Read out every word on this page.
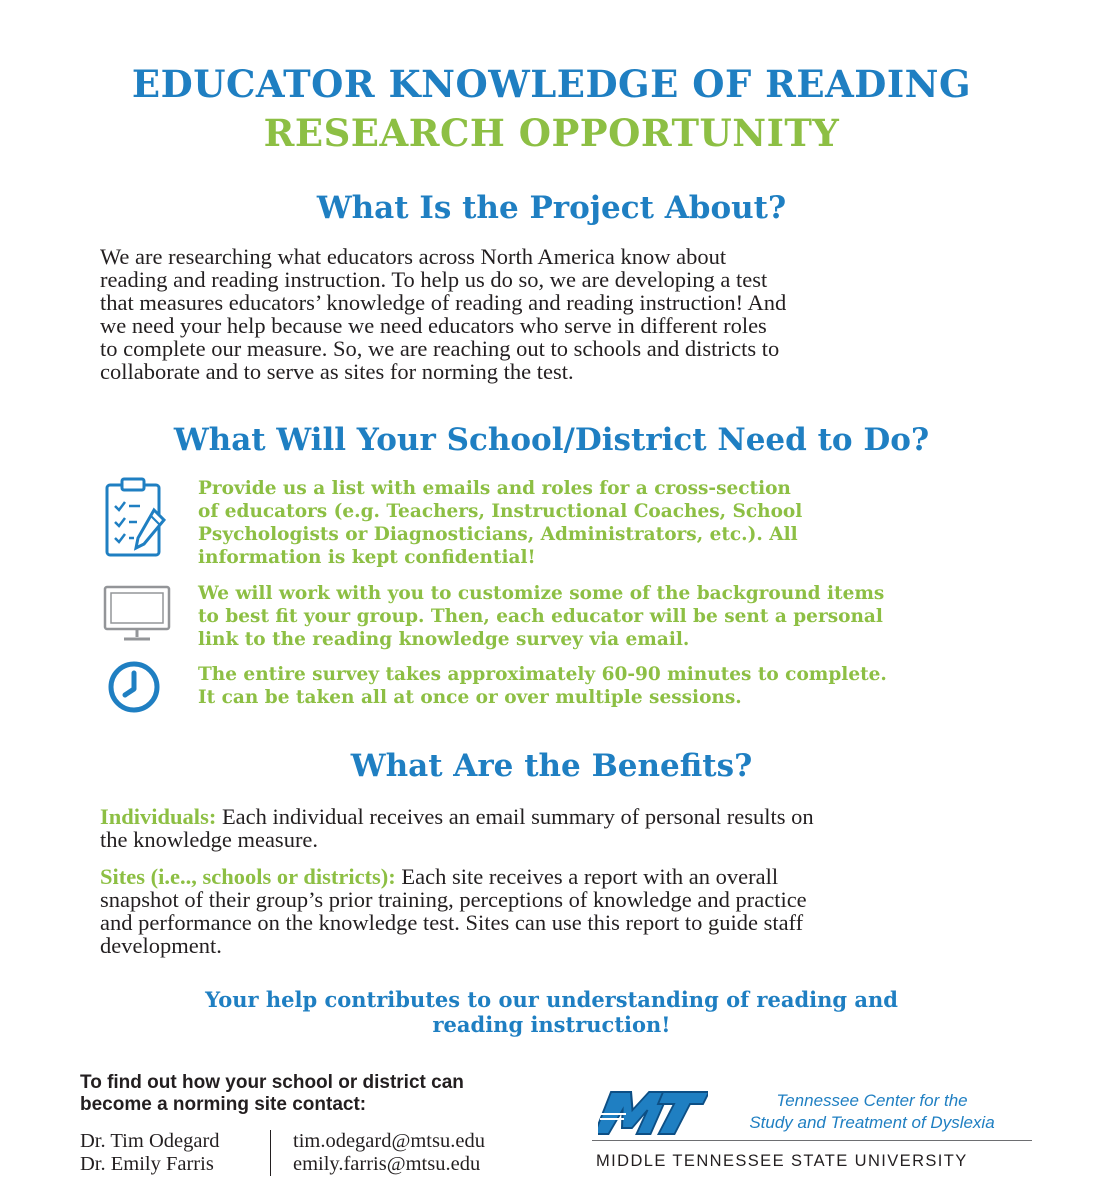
EDUCATOR KNOWLEDGE OF READING
RESEARCH OPPORTUNITY
What Is the Project About?
We are researching what educators across North America know about
reading and reading instruction. To help us do so, we are developing a test
that measures educators’ knowledge of reading and reading instruction! And
we need your help because we need educators who serve in different roles
to complete our measure. So, we are reaching out to schools and districts to
collaborate and to serve as sites for norming the test.
What Will Your School/District Need to Do?
Provide us a list with emails and roles for a cross-section
of educators (e.g. Teachers, Instructional Coaches, School
Psychologists or Diagnosticians, Administrators, etc.). All
information is kept confidential!
We will work with you to customize some of the background items
to best fit your group. Then, each educator will be sent a personal
link to the reading knowledge survey via email.
The entire survey takes approximately 60-90 minutes to complete.
It can be taken all at once or over multiple sessions.
What Are the Benefits?
Individuals: Each individual receives an email summary of personal results on
the knowledge measure.
Sites (i.e.., schools or districts): Each site receives a report with an overall
snapshot of their group’s prior training, perceptions of knowledge and practice
and performance on the knowledge test. Sites can use this report to guide staff
development.
Your help contributes to our understanding of reading and
reading instruction!
To find out how your school or district can
become a norming site contact:
Dr. Tim Odegard	tim.odegard@mtsu.edu
Dr. Emily Farris	emily.farris@mtsu.edu
Tennessee Center for the
Study and Treatment of Dyslexia
MIDDLE TENNESSEE STATE UNIVERSITY
